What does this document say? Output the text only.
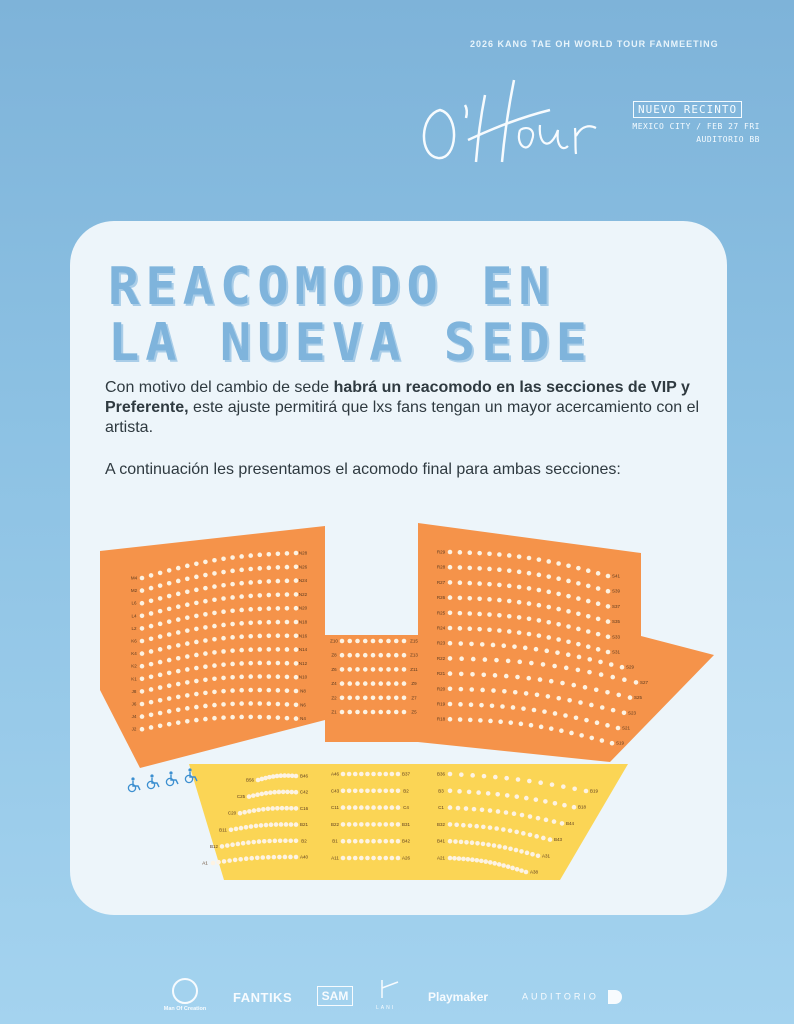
2026 KANG TAE OH WORLD TOUR FANMEETING
NUEVO RECINTO
MEXICO CITY / FEB 27 FRI
AUDITORIO BB
REACOMODO EN
LA NUEVA SEDE

Con motivo del cambio de sede habrá un reacomodo en las secciones de VIP y Preferente, este ajuste permitirá que lxs fans tengan un mayor acercamiento con el artista.

A continuación les presentamos el acomodo final para ambas secciones:

M4
N28
M2
N26
L6
N24
L4
N22
L2
N20
K6
N18
K4
N16
K2
N14
K1
N12
J8
N10
J6
N8
J4
N6
J2
N4
Z10	Z15
Z8	Z13
Z6	Z11
Z4	Z9
Z2	Z7
Z1	Z5
R29
S41
R28
S39
R27
S37
R26
S35
R25
S33
R24
S31
R23
S29
R22
S27
R21
S25
R20
S23
R19
S21
R18
S19
B56
B46
C25
C42
C20
C16
B11
B21
B12
B2
A1
A40
A46	B37
C43	B2
C11	C4
B22	B31
B1	B42
A11	A26
B36
B19
B3
B18
C1
B44
B32
B43
B41
A31
A21
A38
Man Of Creation
FANTIKS	SAM
LANI
Playmaker	AUDITORIO
